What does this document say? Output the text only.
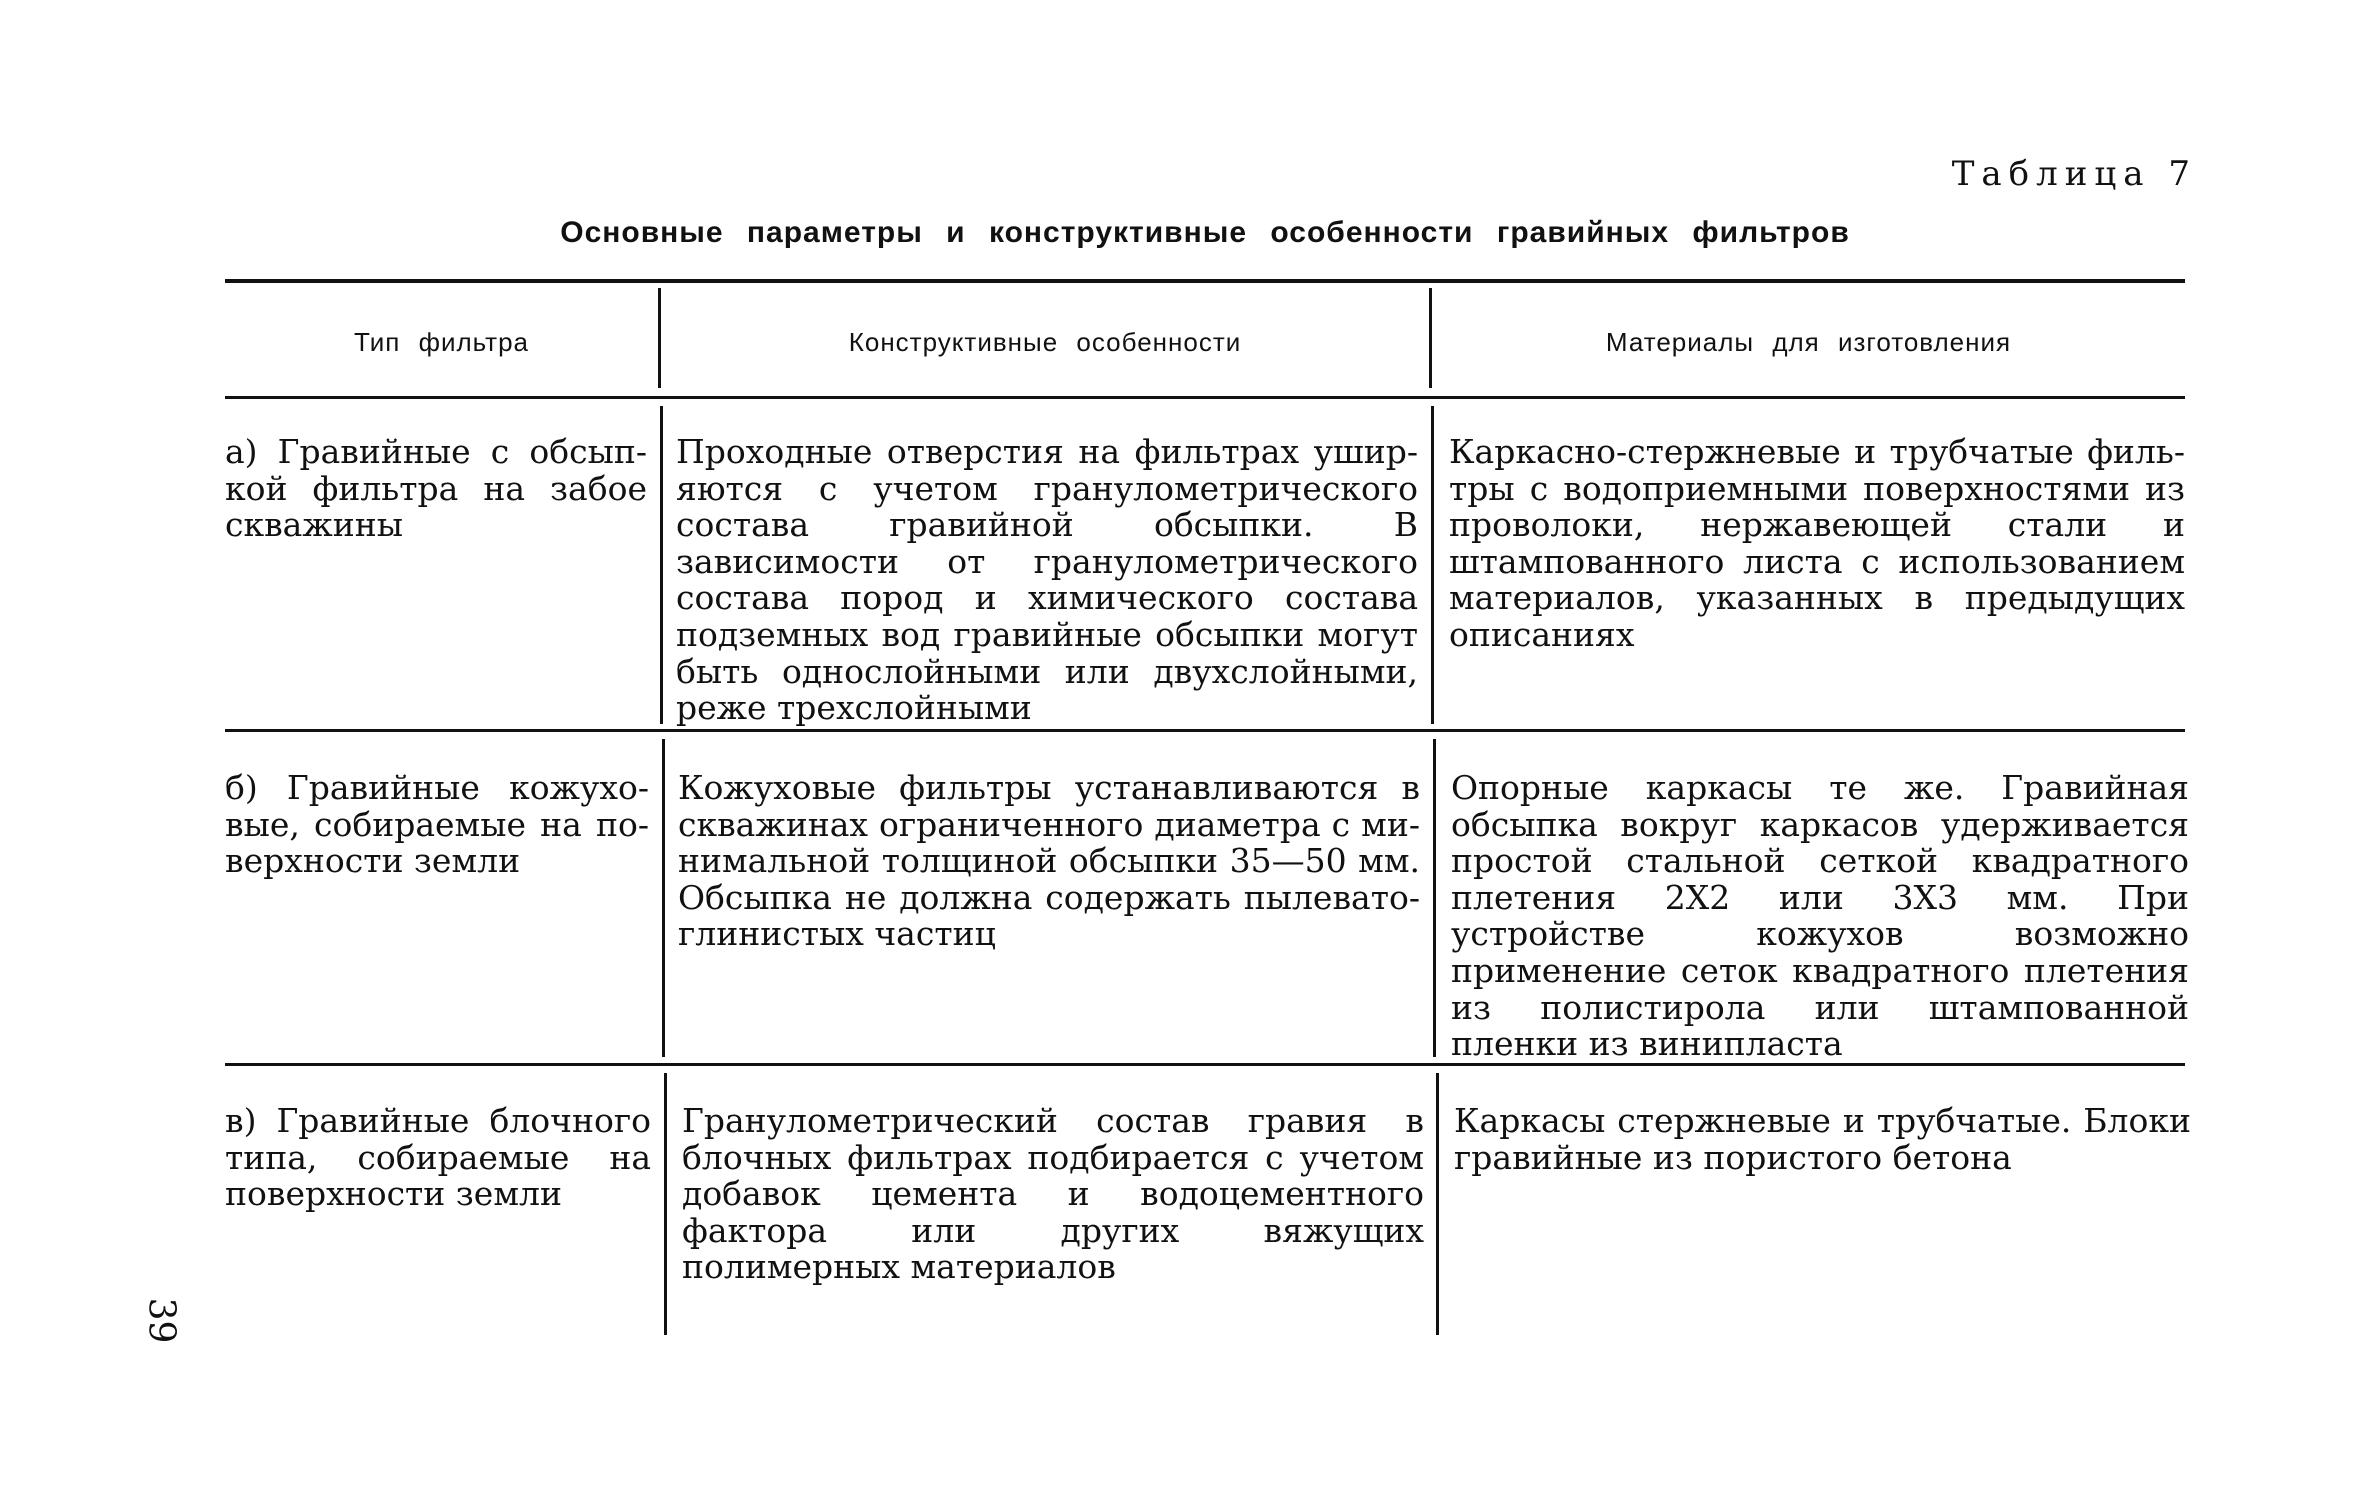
Таблица 7
Основные параметры и конструктивные особенности гравийных фильтров
Тип фильтра	Конструктивные особенности	Материалы для изготовления
а) Гравийные с обсыпкой фильтра на забое скважины
Проходные отверстия на фильтрах уширяются с учетом гранулометрического состава гравийной обсыпки. В зависимости от гранулометрического состава пород и химического состава подземных вод гравийные обсыпки могут быть однослойными или двухслойными, реже трехслойными
Каркасно-стержневые и трубчатые фильтры с водоприемными поверхностями из проволоки, нержавеющей стали и штампованного листа с использованием материалов, указанных в предыдущих описаниях
б) Гравийные кожуховые, собираемые на поверхности земли
Кожуховые фильтры устанавливаются в скважинах ограниченного диаметра с минимальной толщиной обсыпки 35—50 мм. Обсыпка не должна содержать пылеватоглинистых частиц
Опорные каркасы те же. Гравийная обсыпка вокруг каркасов удерживается простой стальной сеткой квадратного плетения 2Х2 или 3Х3 мм. При устройстве кожухов возможно применение сеток квадратного плетения из полистирола или штампованной пленки из винипласта
в) Гравийные блочного типа, собираемые на поверхности земли
Гранулометрический состав гравия в блочных фильтрах подбирается с учетом добавок цемента и водоцементного фактора или других вяжущих полимерных материалов
Каркасы стержневые и трубчатые. Блоки гравийные из пористого бетона
39
